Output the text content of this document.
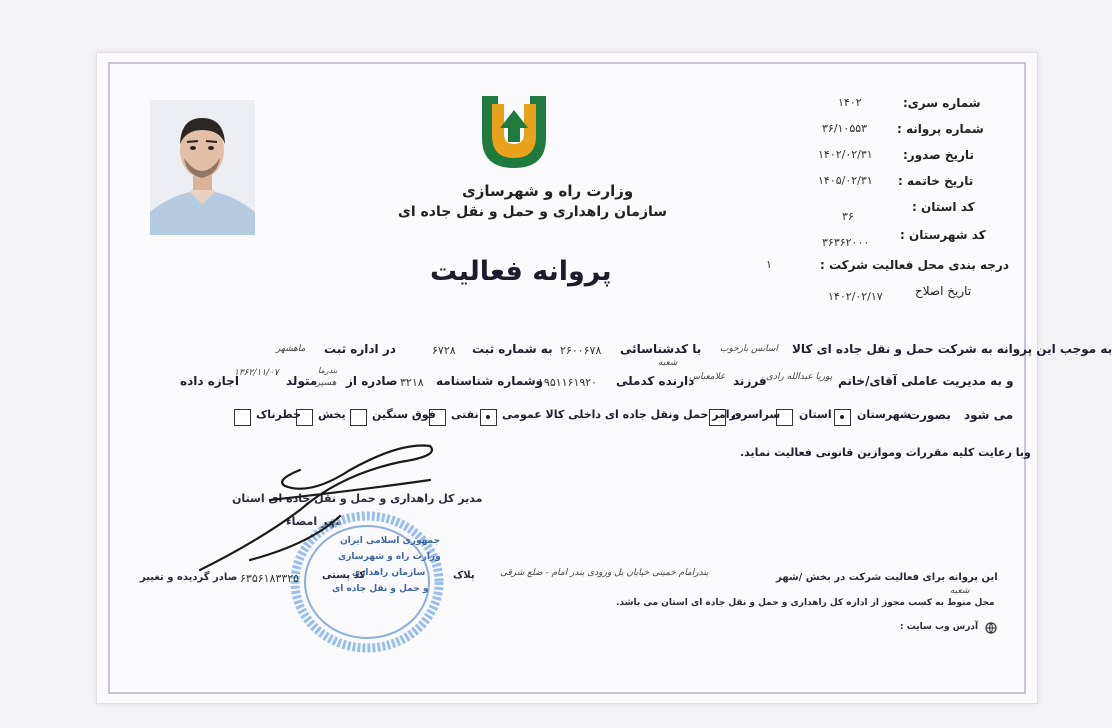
وزارت راه و شهرسازی
سازمان راهداری و حمل و نقل جاده ای
پروانه فعالیت
شماره سری:
۱۴۰۲
شماره پروانه :
۳۶/۱۰۵۵۳
تاریخ صدور:
۱۴۰۲/۰۲/۳۱
تاریخ خاتمه :
۱۴۰۵/۰۲/۳۱
کد استان :
۳۶
کد شهرستان :
۳۶۳۶۲۰۰۰
درجه بندی محل فعالیت شرکت :
۱
تاریخ اصلاح
۱۴۰۲/۰۲/۱۷
به موجب این پروانه به شرکت حمل و نقل جاده ای کالا
اسانس بارحوب
با کدشناسائی
۲۶۰۰۶۷۸
به شماره ثبت
۶۷۲۸
در اداره ثبت
ماهشهر
شعبه
و به مدیریت عاملی آقای/خانم
پوریا عبدالله رادی
فرزند
غلامعباس
دارنده کدملی
۱۹۵۱۱۶۱۹۲۰
وشماره شناسنامه
۳۲۱۸
صادره از
هسپر
بندرما
متولد
۱۳۶۲/۱۱/۰۷
اجازه داده
می شود
بصورت
شهرستان
استان
سراسری
درامر حمل ونقل جاده ای داخلی کالا عمومی
نفتی
فوق سنگین
یخش
خطرناک
وبا رعایت کلیه مقررات وموازین قانونی فعالیت نماید.
مدیر کل راهداری و حمل و نقل جاده ای استان
مهر امضاء
جمهوری اسلامی ایران
وزارت راه و شهرسازی
سازمان راهداری
و حمل و نقل جاده ای
این پروانه برای فعالیت شرکت در بخش /شهر
بندرامام خمینی خیابان بل ورودی بندر امام - ضلع شرقی
شعبه
پلاک
کد پستی
۶۳۵۶۱۸۳۳۲۵
صادر گردیده و تغییر
محل منوط به کسب مجوز از اداره کل راهداری و حمل و نقل جاده ای استان می باشد.
آدرس وب سایت :
